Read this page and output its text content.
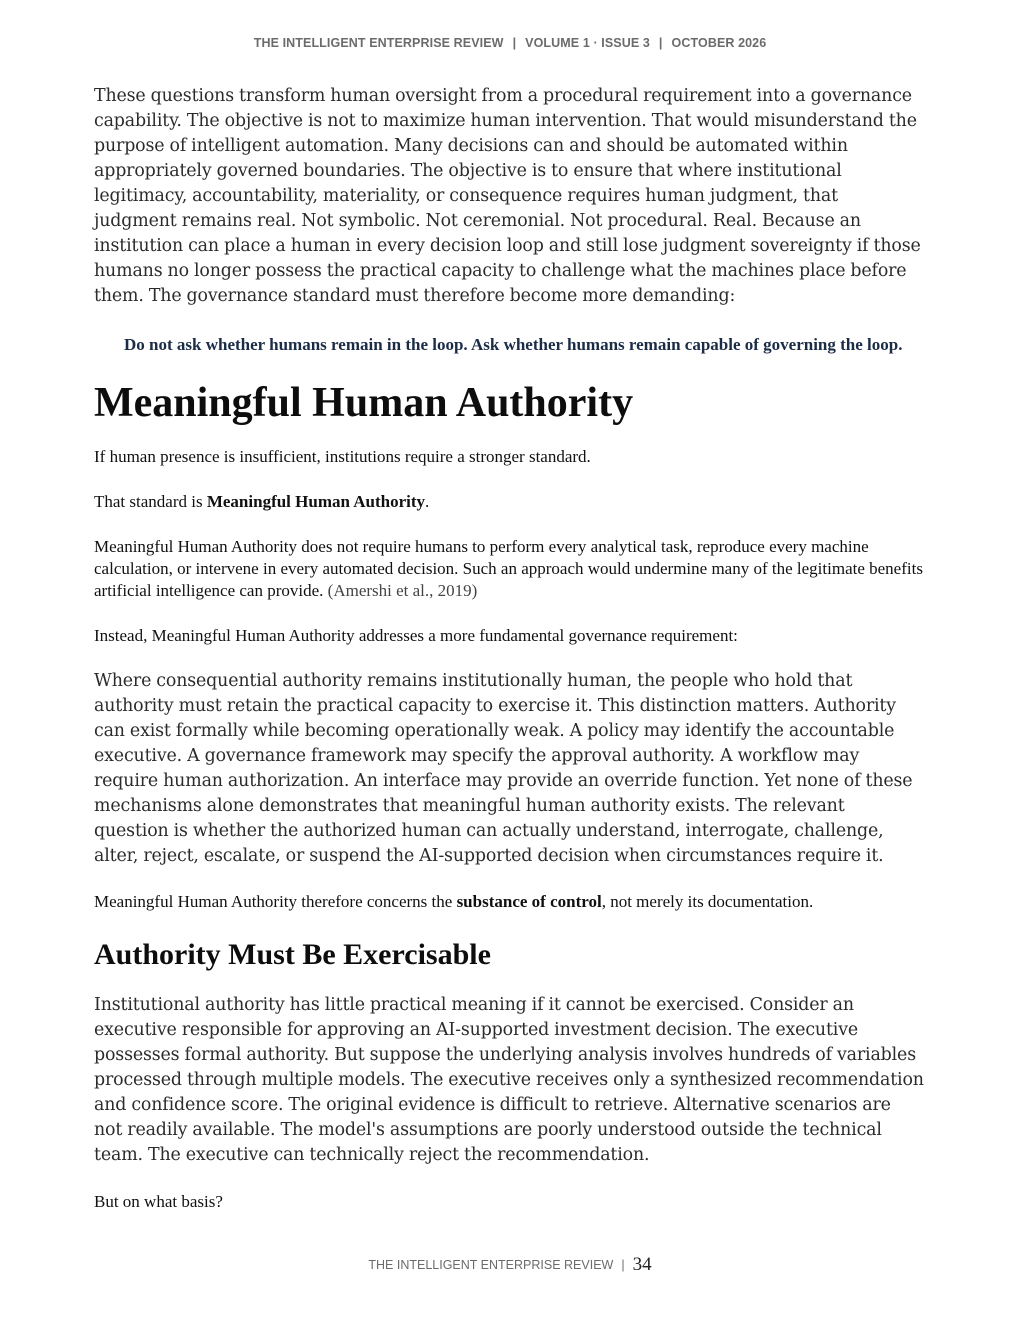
THE INTELLIGENT ENTERPRISE REVIEW | VOLUME 1 · ISSUE 3 | OCTOBER 2026

These questions transform human oversight from a procedural requirement into a governance capability. The objective is not to maximize human intervention. That would misunderstand the purpose of intelligent automation. Many decisions can and should be automated within appropriately governed boundaries. The objective is to ensure that where institutional legitimacy, accountability, materiality, or consequence requires human judgment, that judgment remains real. Not symbolic. Not ceremonial. Not procedural. Real. Because an institution can place a human in every decision loop and still lose judgment sovereignty if those humans no longer possess the practical capacity to challenge what the machines place before them. The governance standard must therefore become more demanding:

Do not ask whether humans remain in the loop. Ask whether humans remain capable of governing the loop.

Meaningful Human Authority

If human presence is insufficient, institutions require a stronger standard.

That standard is Meaningful Human Authority.

Meaningful Human Authority does not require humans to perform every analytical task, reproduce every machine calculation, or intervene in every automated decision. Such an approach would undermine many of the legitimate benefits artificial intelligence can provide. (Amershi et al., 2019)

Instead, Meaningful Human Authority addresses a more fundamental governance requirement:

Where consequential authority remains institutionally human, the people who hold that authority must retain the practical capacity to exercise it. This distinction matters. Authority can exist formally while becoming operationally weak. A policy may identify the accountable executive. A governance framework may specify the approval authority. A workflow may require human authorization. An interface may provide an override function. Yet none of these mechanisms alone demonstrates that meaningful human authority exists. The relevant question is whether the authorized human can actually understand, interrogate, challenge, alter, reject, escalate, or suspend the AI-supported decision when circumstances require it.

Meaningful Human Authority therefore concerns the substance of control, not merely its documentation.

Authority Must Be Exercisable

Institutional authority has little practical meaning if it cannot be exercised. Consider an executive responsible for approving an AI-supported investment decision. The executive possesses formal authority. But suppose the underlying analysis involves hundreds of variables processed through multiple models. The executive receives only a synthesized recommendation and confidence score. The original evidence is difficult to retrieve. Alternative scenarios are not readily available. The model's assumptions are poorly understood outside the technical team. The executive can technically reject the recommendation.

But on what basis?

THE INTELLIGENT ENTERPRISE REVIEW | 34
